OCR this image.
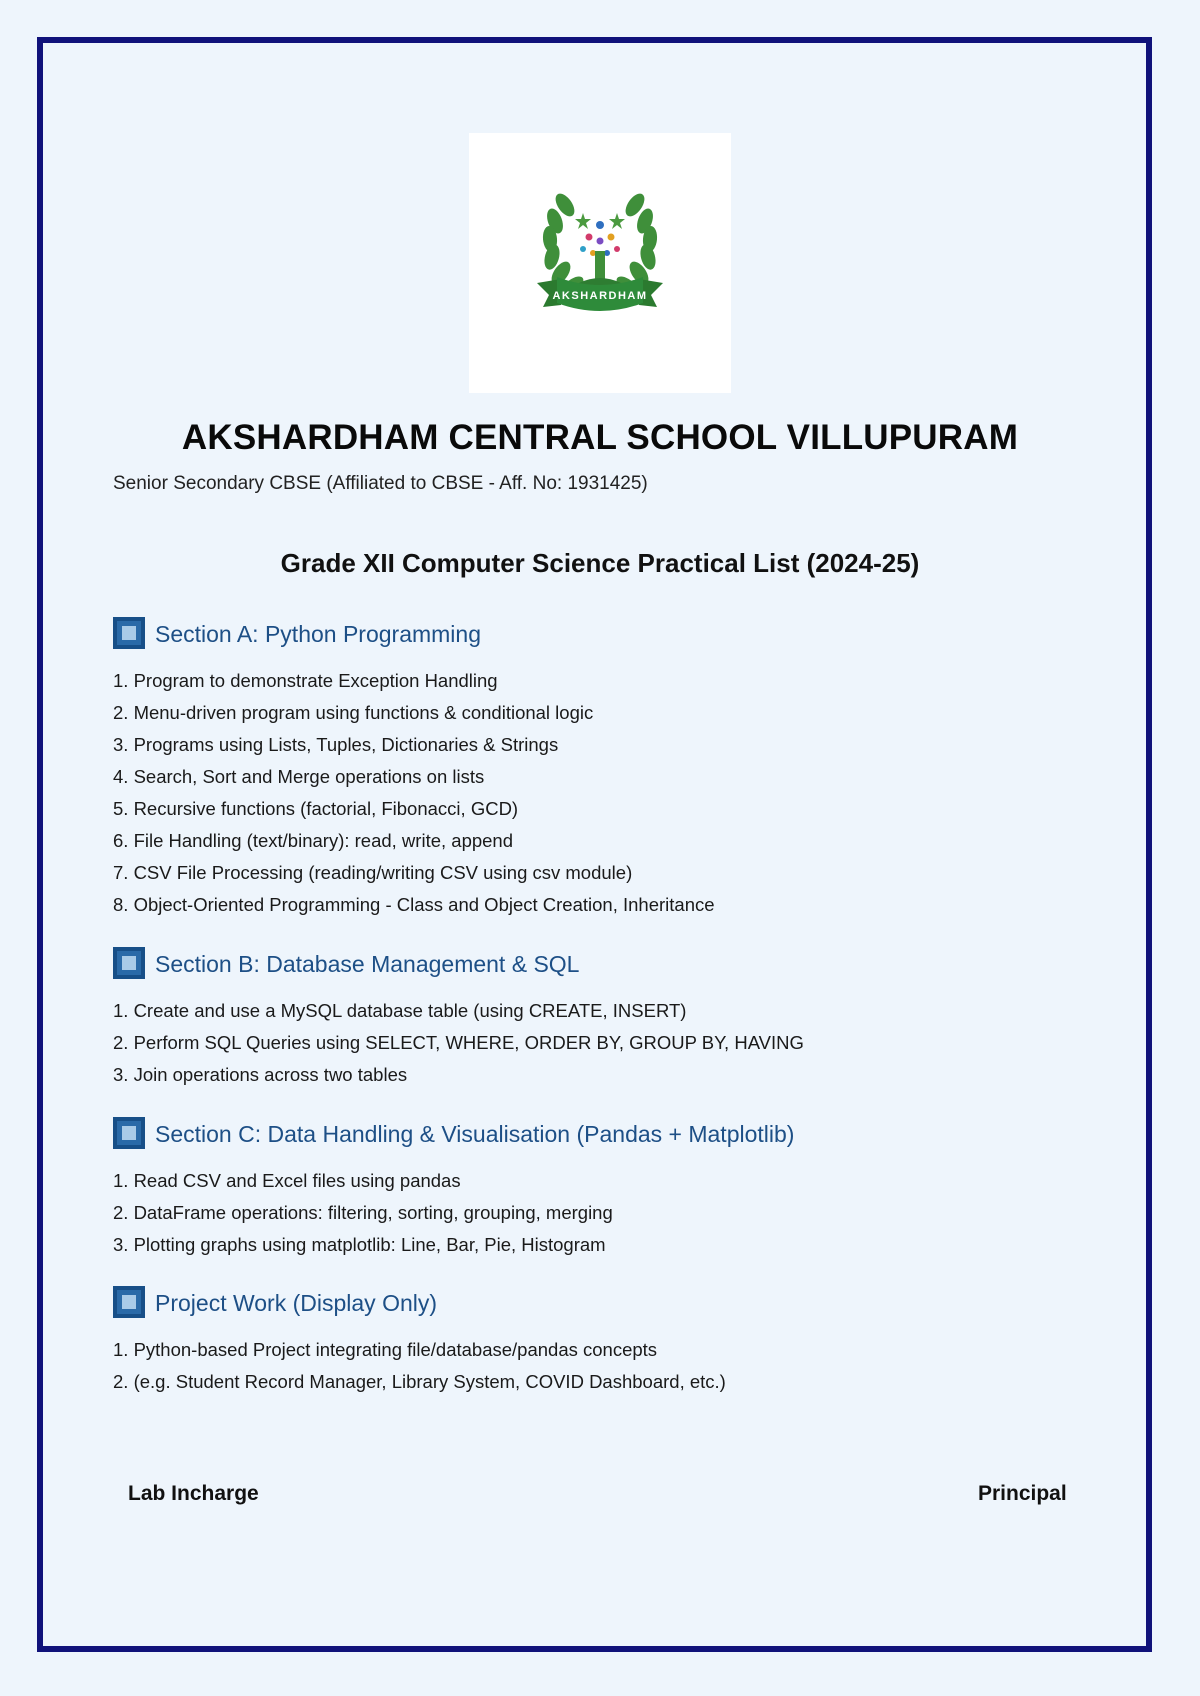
AKSHARDHAM
AKSHARDHAM CENTRAL SCHOOL VILLUPURAM
Senior Secondary CBSE (Affiliated to CBSE - Aff. No: 1931425)
Grade XII Computer Science Practical List (2024-25)
Section A: Python Programming
1. Program to demonstrate Exception Handling
2. Menu-driven program using functions & conditional logic
3. Programs using Lists, Tuples, Dictionaries & Strings
4. Search, Sort and Merge operations on lists
5. Recursive functions (factorial, Fibonacci, GCD)
6. File Handling (text/binary): read, write, append
7. CSV File Processing (reading/writing CSV using csv module)
8. Object-Oriented Programming - Class and Object Creation, Inheritance
Section B: Database Management & SQL
1. Create and use a MySQL database table (using CREATE, INSERT)
2. Perform SQL Queries using SELECT, WHERE, ORDER BY, GROUP BY, HAVING
3. Join operations across two tables
Section C: Data Handling & Visualisation (Pandas + Matplotlib)
1. Read CSV and Excel files using pandas
2. DataFrame operations: filtering, sorting, grouping, merging
3. Plotting graphs using matplotlib: Line, Bar, Pie, Histogram
Project Work (Display Only)
1. Python-based Project integrating file/database/pandas concepts
2. (e.g. Student Record Manager, Library System, COVID Dashboard, etc.)
Lab Incharge	Principal
